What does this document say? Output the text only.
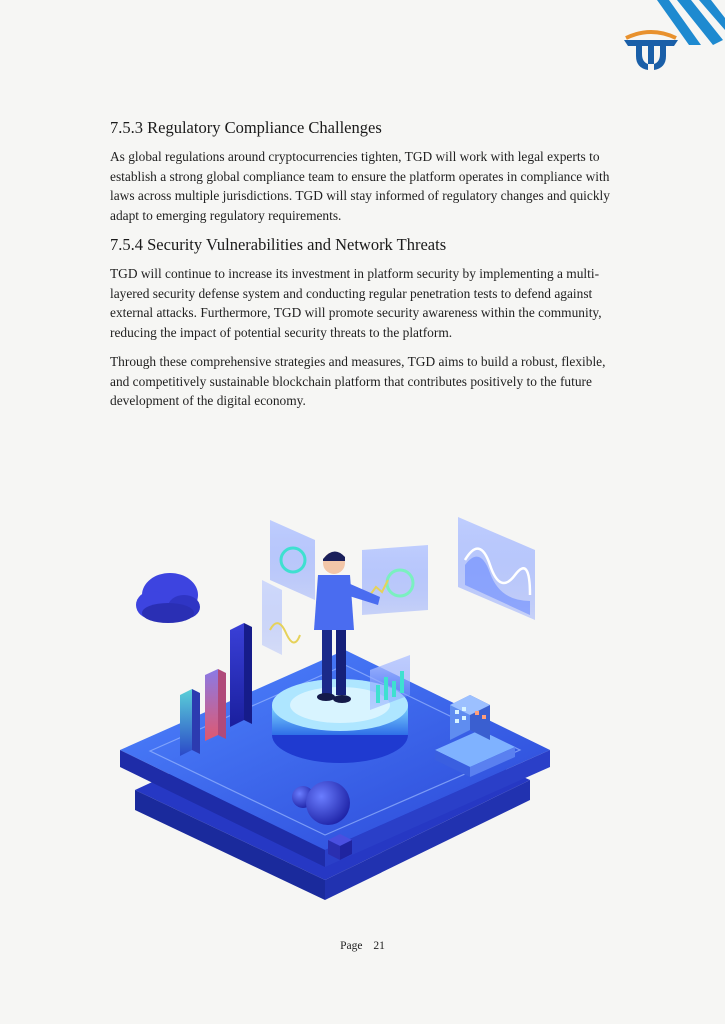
7.5.3 Regulatory Compliance Challenges

As global regulations around cryptocurrencies tighten, TGD will work with legal experts to establish a strong global compliance team to ensure the platform operates in compliance with laws across multiple jurisdictions. TGD will stay informed of regulatory changes and quickly adapt to emerging regulatory requirements.

7.5.4 Security Vulnerabilities and Network Threats

TGD will continue to increase its investment in platform security by implementing a multi-layered security defense system and conducting regular penetration tests to defend against external attacks. Furthermore, TGD will promote security awareness within the community, reducing the impact of potential security threats to the platform.

Through these comprehensive strategies and measures, TGD aims to build a robust, flexible, and competitively sustainable blockchain platform that contributes positively to the future development of the digital economy.

Page 21
